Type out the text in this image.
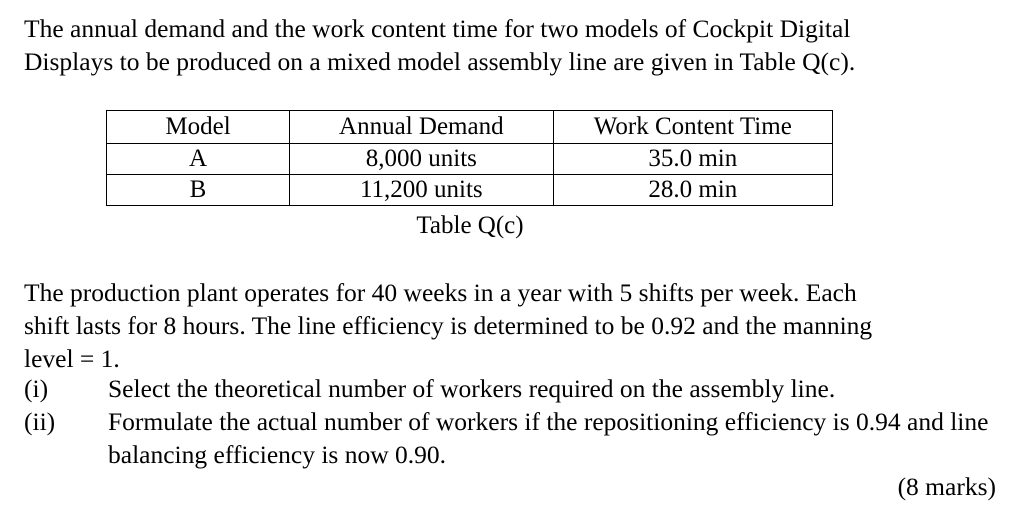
The annual demand and the work content time for two models of Cockpit Digital
Displays to be produced on a mixed model assembly line are given in Table Q(c).

Model	Annual Demand	Work Content Time
A	8,000 units	35.0 min
B	11,200 units	28.0 min
Table Q(c)

The production plant operates for 40 weeks in a year with 5 shifts per week. Each
shift lasts for 8 hours. The line efficiency is determined to be 0.92 and the manning
level = 1.

(i) Select the theoretical number of workers required on the assembly line.
(ii) Formulate the actual number of workers if the repositioning efficiency is 0.94 and line balancing efficiency is now 0.90.
(8 marks)
